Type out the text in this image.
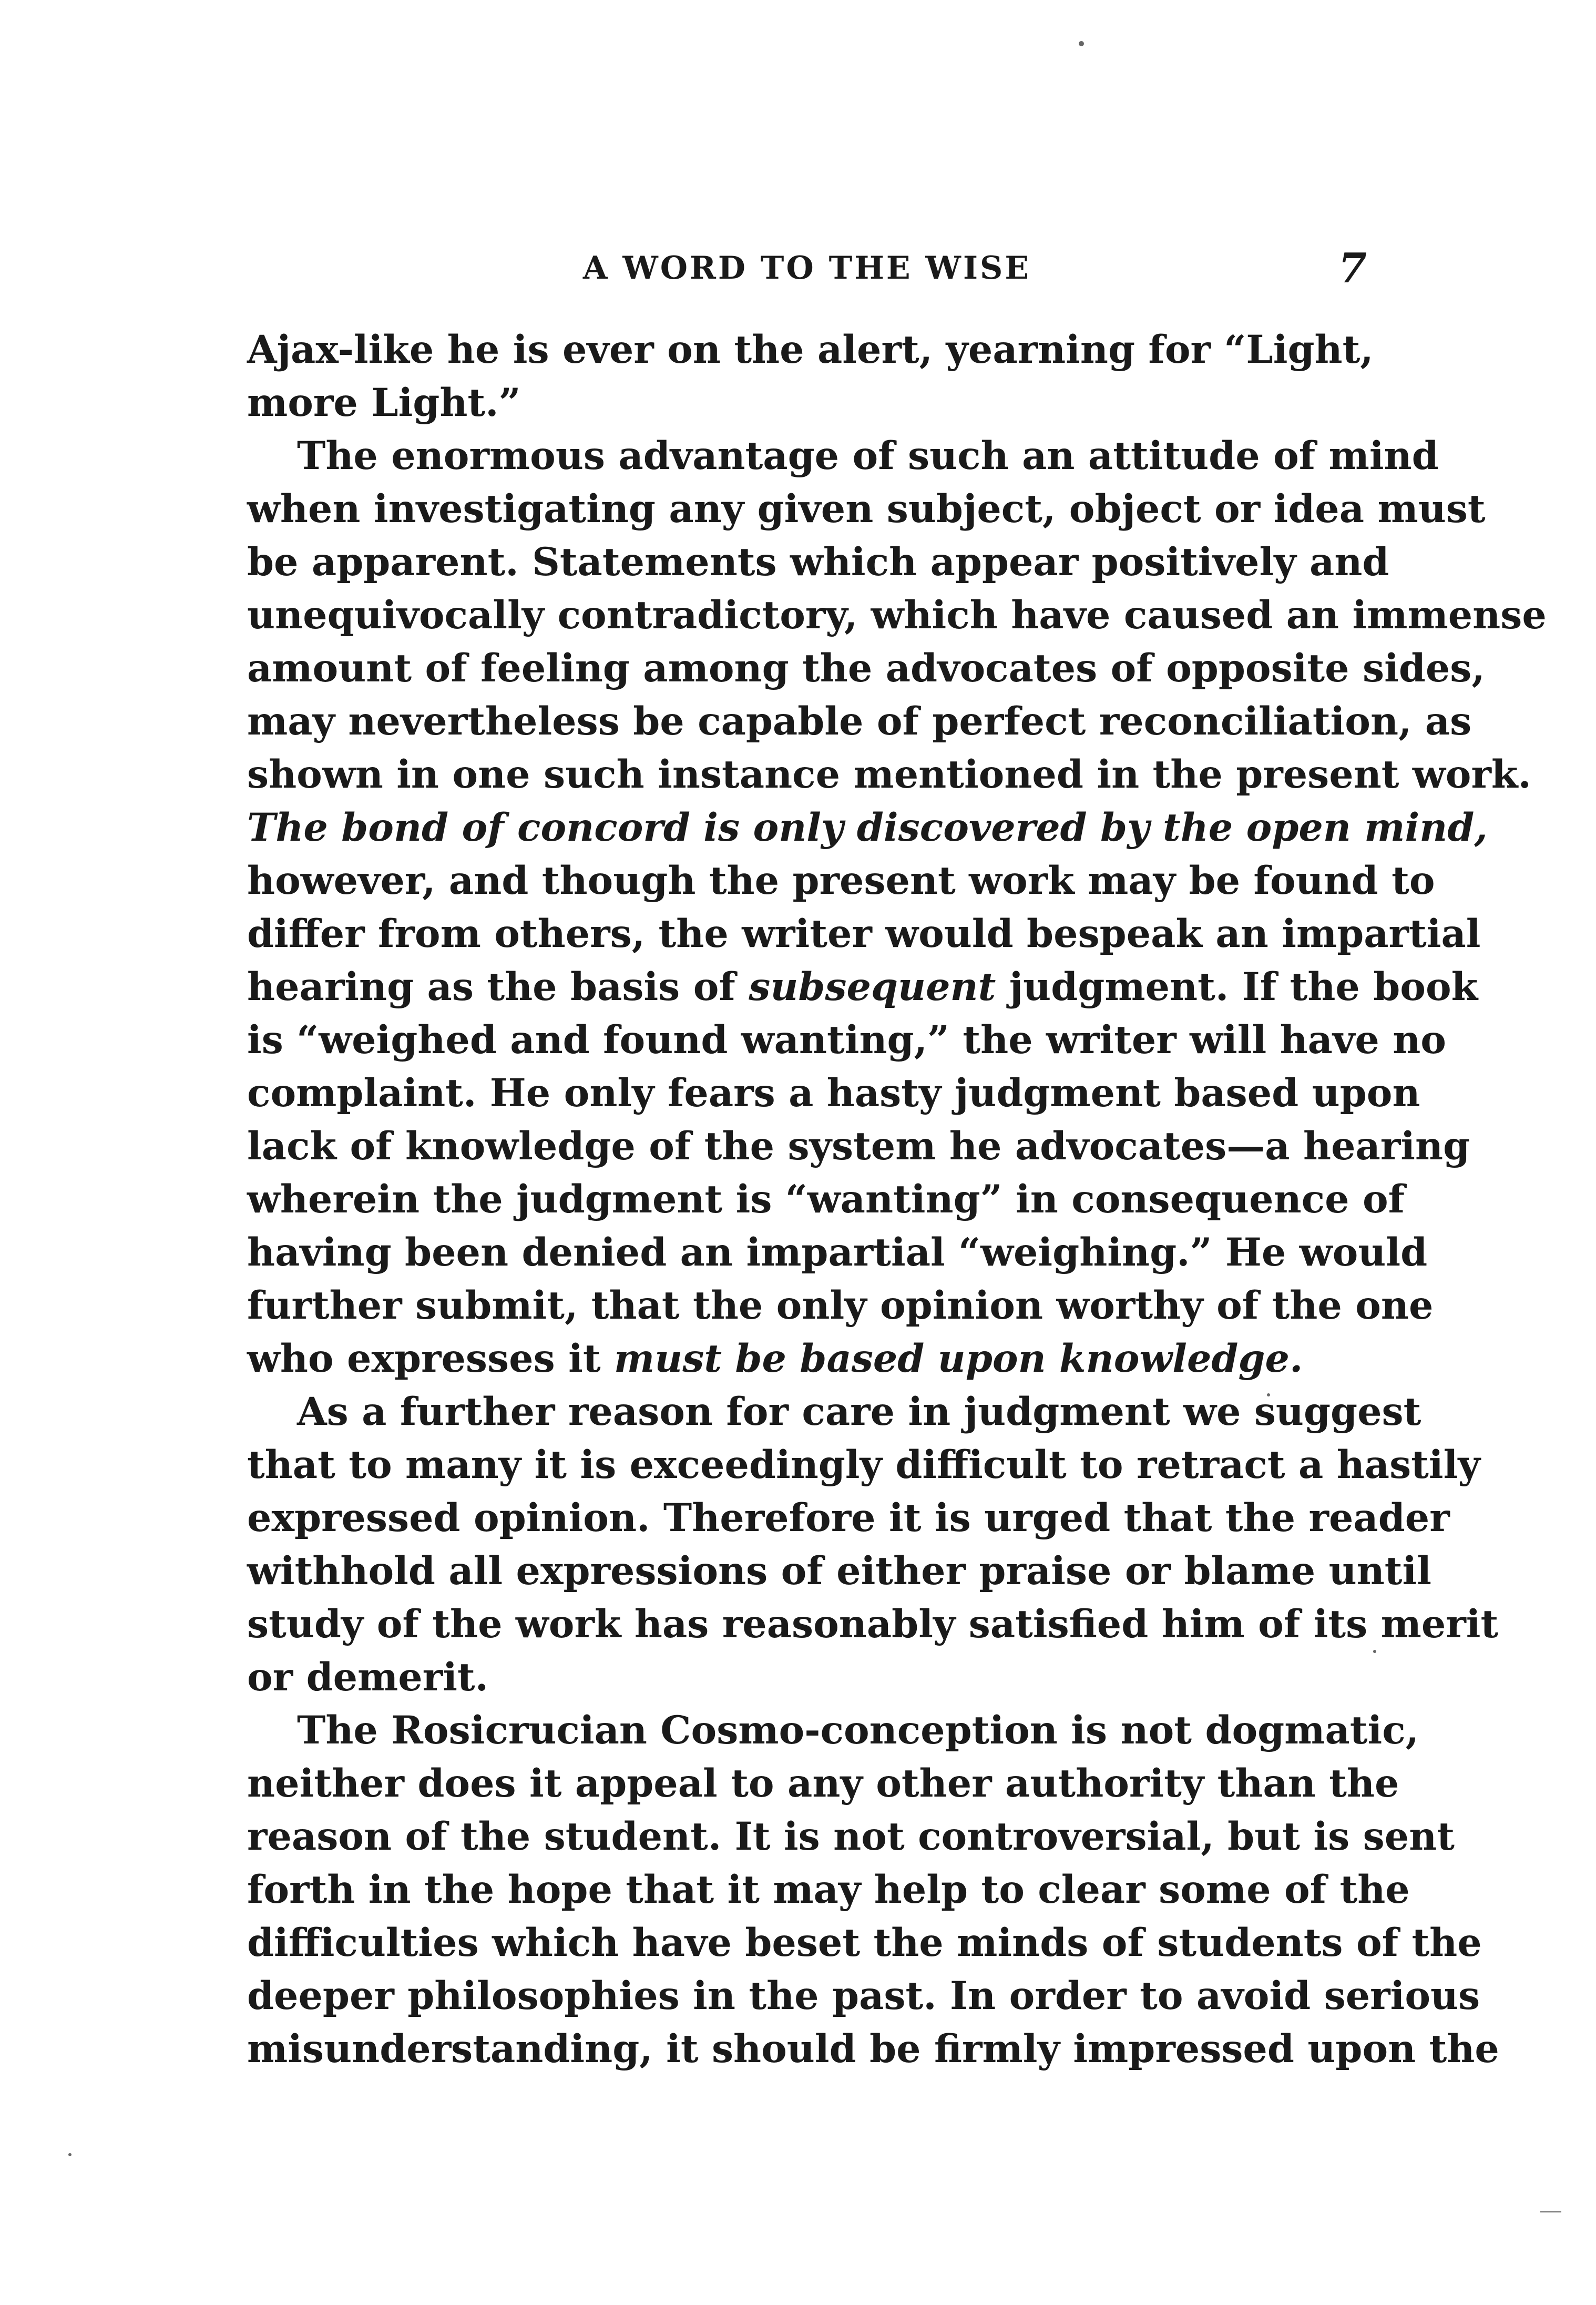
A WORD TO THE WISE	7
Ajax-like he is ever on the alert, yearning for “Light,
more Light.”
The enormous advantage of such an attitude of mind
when investigating any given subject, object or idea must
be apparent. Statements which appear positively and
unequivocally contradictory, which have caused an immense
amount of feeling among the advocates of opposite sides,
may nevertheless be capable of perfect reconciliation, as
shown in one such instance mentioned in the present work.
The bond of concord is only discovered by the open mind,
however, and though the present work may be found to
differ from others, the writer would bespeak an impartial
hearing as the basis of subsequent judgment. If the book
is “weighed and found wanting,” the writer will have no
complaint. He only fears a hasty judgment based upon
lack of knowledge of the system he advocates—a hearing
wherein the judgment is “wanting” in consequence of
having been denied an impartial “weighing.” He would
further submit, that the only opinion worthy of the one
who expresses it must be based upon knowledge.
As a further reason for care in judgment we suggest
that to many it is exceedingly difficult to retract a hastily
expressed opinion. Therefore it is urged that the reader
withhold all expressions of either praise or blame until
study of the work has reasonably satisfied him of its merit
or demerit.
The Rosicrucian Cosmo-conception is not dogmatic,
neither does it appeal to any other authority than the
reason of the student. It is not controversial, but is sent
forth in the hope that it may help to clear some of the
difficulties which have beset the minds of students of the
deeper philosophies in the past. In order to avoid serious
misunderstanding, it should be firmly impressed upon the
